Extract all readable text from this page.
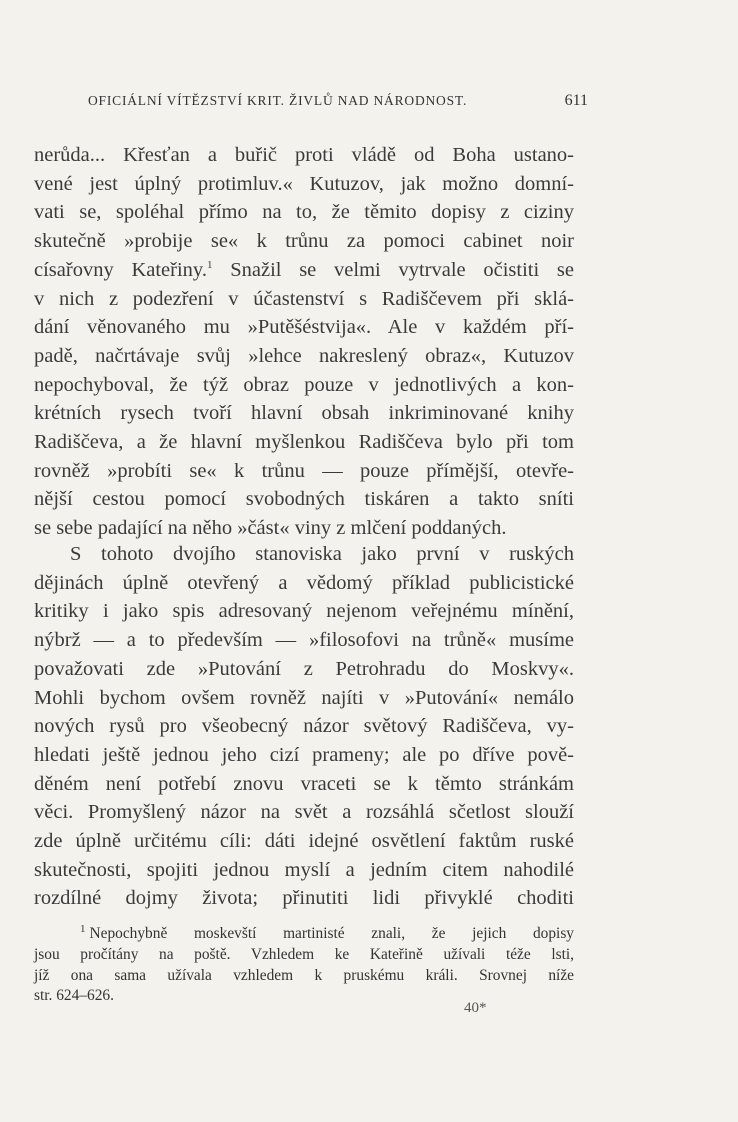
OFICIÁLNÍ VÍTĚZSTVÍ KRIT. ŽIVLŮ NAD NÁRODNOST.	611
nerůda... Křesťan a buřič proti vládě od Boha ustano-
vené jest úplný protimluv.« Kutuzov, jak možno domní-
vati se, spoléhal přímo na to, že těmito dopisy z ciziny
skutečně »probije se« k trůnu za pomoci cabinet noir
císařovny Kateřiny.$^1$ Snažil se velmi vytrvale očistiti se
v nich z podezření v účastenství s Radiščevem při sklá-
dání věnovaného mu »Putěšéstvija«. Ale v každém pří-
padě, načrtávaje svůj »lehce nakreslený obraz«, Kutuzov
nepochyboval, že týž obraz pouze v jednotlivých a kon-
krétních rysech tvoří hlavní obsah inkriminované knihy
Radiščeva, a že hlavní myšlenkou Radiščeva bylo při tom
rovněž »probíti se« k trůnu — pouze přímější, otevře-
nější cestou pomocí svobodných tiskáren a takto sníti
se sebe padající na něho »část« viny z mlčení poddaných.
S tohoto dvojího stanoviska jako první v ruských
dějinách úplně otevřený a vědomý příklad publicistické
kritiky i jako spis adresovaný nejenom veřejnému mínění,
nýbrž — a to především — »filosofovi na trůně« musíme
považovati zde »Putování z Petrohradu do Moskvy«.
Mohli bychom ovšem rovněž najíti v »Putování« nemálo
nových rysů pro všeobecný názor světový Radiščeva, vy-
hledati ještě jednou jeho cizí prameny; ale po dříve pově-
děném není potřebí znovu vraceti se k těmto stránkám
věci. Promyšlený názor na svět a rozsáhlá sčetlost slouží
zde úplně určitému cíli: dáti idejné osvětlení faktům ruské
skutečnosti, spojiti jednou myslí a jedním citem nahodilé
rozdílné dojmy života; přinutiti lidi přivyklé choditi
$^1$ Nepochybně moskevští martinisté znali, že jejich dopisy
jsou pročítány na poště. Vzhledem ke Kateřině užívali téže lsti,
jíž ona sama užívala vzhledem k pruskému králi. Srovnej níže
str. 624–626.
40*
